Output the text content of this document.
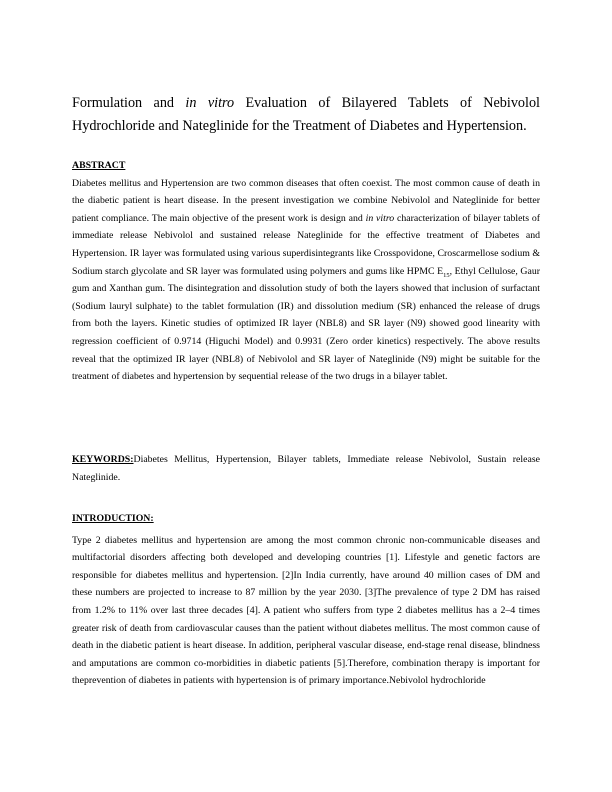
Formulation and in vitro Evaluation of Bilayered Tablets of Nebivolol
Hydrochloride and Nateglinide for the Treatment of Diabetes and Hypertension.
ABSTRACT
Diabetes mellitus and Hypertension are two common diseases that often coexist. The most common cause of death in the diabetic patient is heart disease. In the present investigation we combine Nebivolol and Nateglinide for better patient compliance. The main objective of the present work is design and in vitro characterization of bilayer tablets of immediate release Nebivolol and sustained release Nateglinide for the effective treatment of Diabetes and Hypertension. IR layer was formulated using various superdisintegrants like Crosspovidone, Croscarmellose sodium & Sodium starch glycolate and SR layer was formulated using polymers and gums like HPMC $E_{15}$, Ethyl Cellulose, Gaur gum and Xanthan gum. The disintegration and dissolution study of both the layers showed that inclusion of surfactant (Sodium lauryl sulphate) to the tablet formulation (IR) and dissolution medium (SR) enhanced the release of drugs from both the layers. Kinetic studies of optimized IR layer (NBL8) and SR layer (N9) showed good linearity with regression coefficient of 0.9714 (Higuchi Model) and 0.9931 (Zero order kinetics) respectively. The above results reveal that the optimized IR layer (NBL8) of Nebivolol and SR layer of Nateglinide (N9) might be suitable for the treatment of diabetes and hypertension by sequential release of the two drugs in a bilayer tablet.
KEYWORDS:Diabetes Mellitus, Hypertension, Bilayer tablets, Immediate release Nebivolol, Sustain release Nateglinide.
INTRODUCTION:
Type 2 diabetes mellitus and hypertension are among the most common chronic non-communicable diseases and multifactorial disorders affecting both developed and developing countries [1]. Lifestyle and genetic factors are responsible for diabetes mellitus and hypertension. [2]In India currently, have around 40 million cases of DM and these numbers are projected to increase to 87 million by the year 2030. [3]The prevalence of type 2 DM has raised from 1.2% to 11% over last three decades [4]. A patient who suffers from type 2 diabetes mellitus has a 2–4 times greater risk of death from cardiovascular causes than the patient without diabetes mellitus. The most common cause of death in the diabetic patient is heart disease. In addition, peripheral vascular disease, end-stage renal disease, blindness and amputations are common co-morbidities in diabetic patients [5].Therefore, combination therapy is important for theprevention of diabetes in patients with hypertension is of primary importance.Nebivolol hydrochloride
